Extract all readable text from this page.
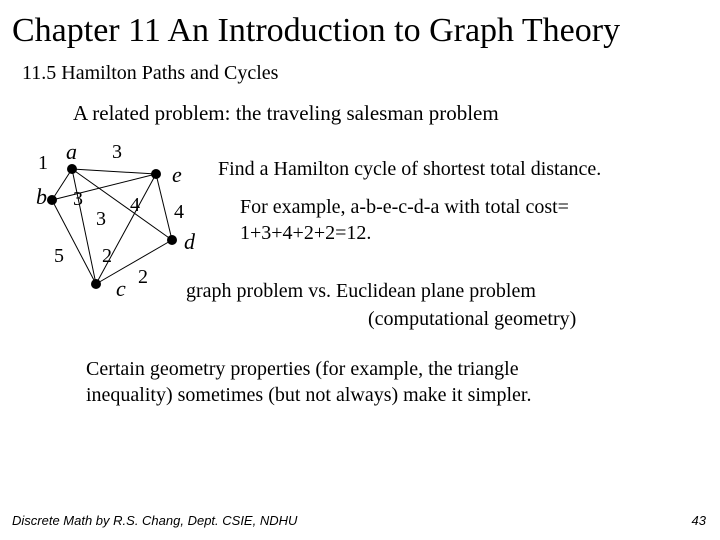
Chapter 11 An Introduction to Graph Theory
11.5 Hamilton Paths and Cycles
A related problem: the traveling salesman problem
a
b
c
d
e
3
1
3
3
5
4
2
2
4
Find a Hamilton cycle of shortest total distance.
For example, a-b-e-c-d-a with total cost=
1+3+4+2+2=12.
graph problem vs. Euclidean plane problem
(computational geometry)
Certain geometry properties (for example, the triangle
inequality) sometimes (but not always) make it simpler.
Discrete Math by R.S. Chang, Dept. CSIE, NDHU	43
